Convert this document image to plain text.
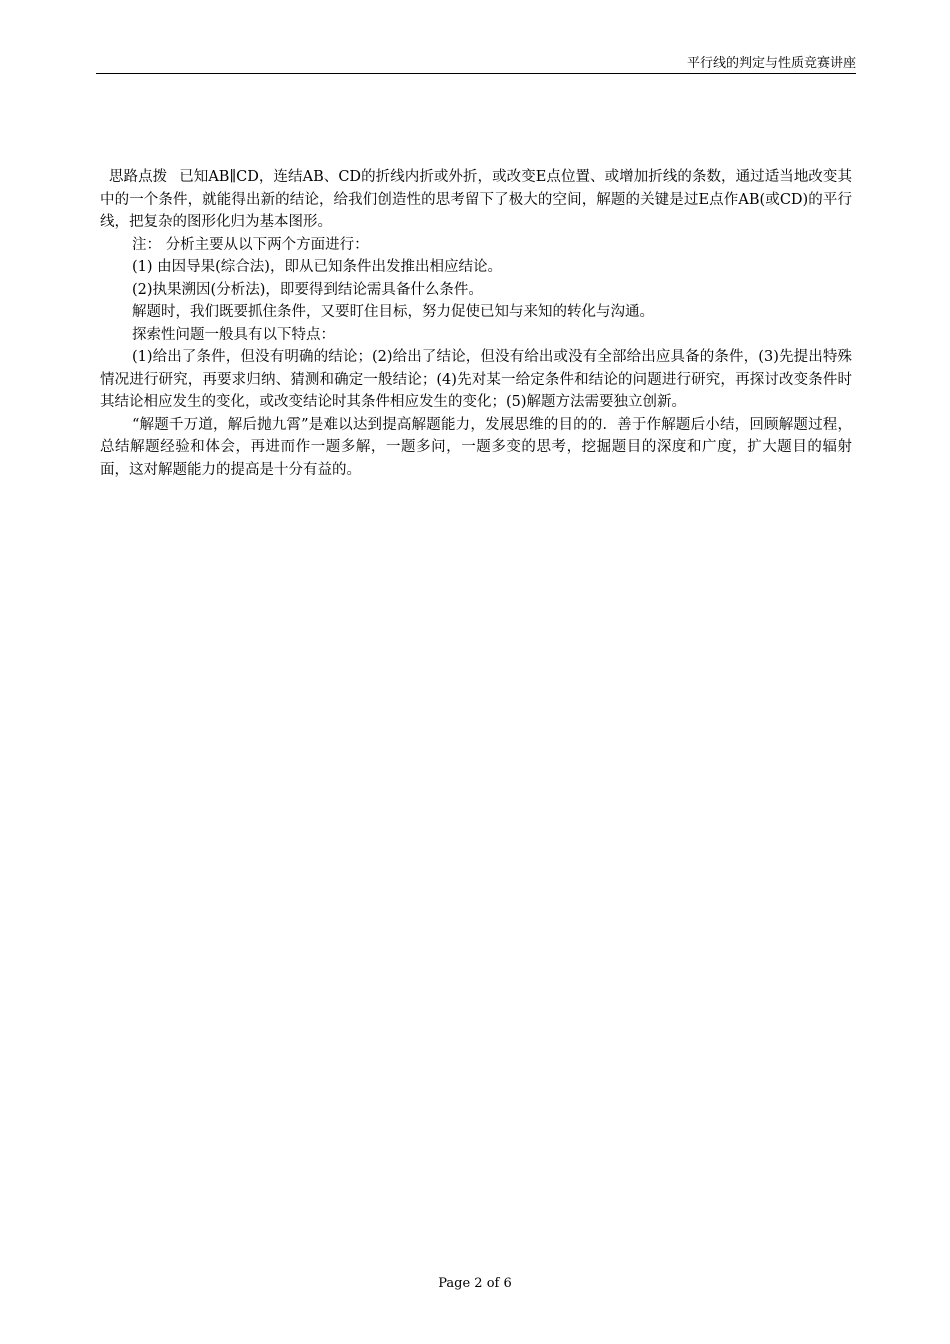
平行线的判定与性质竞赛讲座

思路点拨 已知AB∥CD，连结AB、CD的折线内折或外折，或改变E点位置、或增加折线的条数，通过适当地改变其中的一个条件，就能得出新的结论，给我们创造性的思考留下了极大的空间，解题的关键是过E点作AB(或CD)的平行线，把复杂的图形化归为基本图形。

注： 分析主要从以下两个方面进行：

(1) 由因导果(综合法)，即从已知条件出发推出相应结论。

(2)执果溯因(分析法)，即要得到结论需具备什么条件。

解题时，我们既要抓住条件，又要盯住目标，努力促使已知与来知的转化与沟通。

探索性问题一般具有以下特点：

(1)给出了条件，但没有明确的结论；(2)给出了结论，但没有给出或没有全部给出应具备的条件，(3)先提出特殊情况进行研究，再要求归纳、猜测和确定一般结论；(4)先对某一给定条件和结论的问题进行研究，再探讨改变条件时其结论相应发生的变化，或改变结论时其条件相应发生的变化；(5)解题方法需要独立创新。

“解题千万道，解后抛九霄”是难以达到提高解题能力，发展思维的目的的．善于作解题后小结，回顾解题过程，总结解题经验和体会，再进而作一题多解，一题多问，一题多变的思考，挖掘题目的深度和广度，扩大题目的辐射面，这对解题能力的提高是十分有益的。

Page 2 of 6
